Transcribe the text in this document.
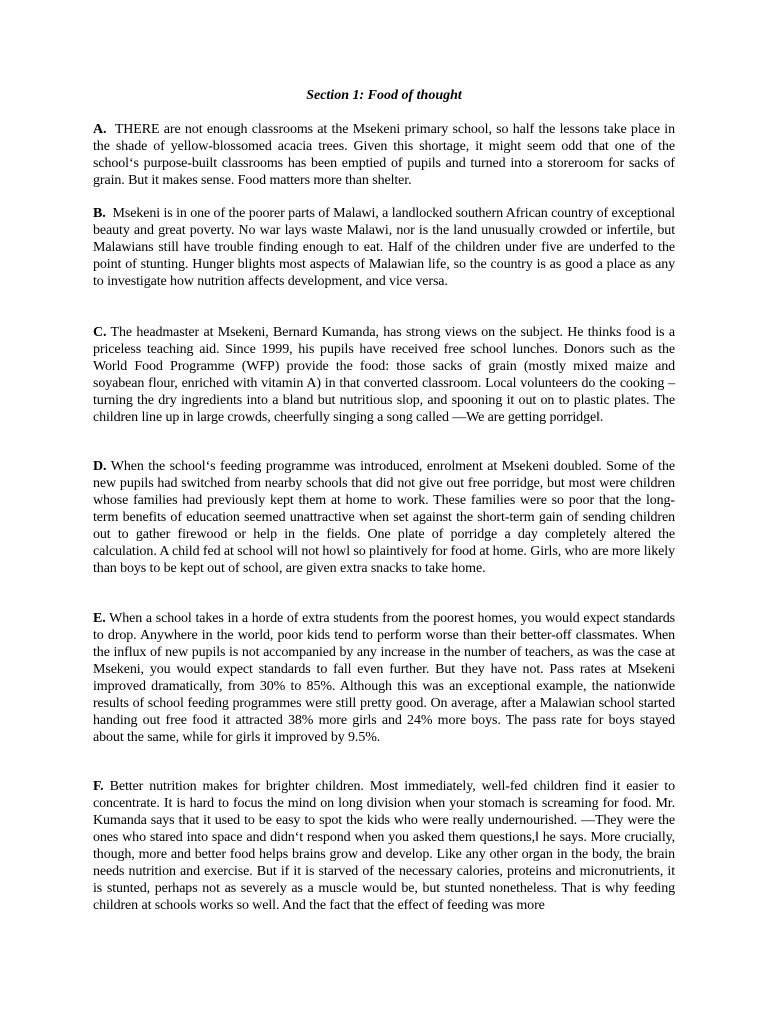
Section 1: Food of thought

A. THERE are not enough classrooms at the Msekeni primary school, so half the lessons take place in the shade of yellow-blossomed acacia trees. Given this shortage, it might seem odd that one of the school‘s purpose-built classrooms has been emptied of pupils and turned into a storeroom for sacks of grain. But it makes sense. Food matters more than shelter.

B. Msekeni is in one of the poorer parts of Malawi, a landlocked southern African country of exceptional beauty and great poverty. No war lays waste Malawi, nor is the land unusually crowded or infertile, but Malawians still have trouble finding enough to eat. Half of the children under five are underfed to the point of stunting. Hunger blights most aspects of Malawian life, so the country is as good a place as any to investigate how nutrition affects development, and vice versa.

C. The headmaster at Msekeni, Bernard Kumanda, has strong views on the subject. He thinks food is a priceless teaching aid. Since 1999, his pupils have received free school lunches. Donors such as the World Food Programme (WFP) provide the food: those sacks of grain (mostly mixed maize and soyabean flour, enriched with vitamin A) in that converted classroom. Local volunteers do the cooking – turning the dry ingredients into a bland but nutritious slop, and spooning it out on to plastic plates. The children line up in large crowds, cheerfully singing a song called ―We are getting porridge‖.

D. When the school‘s feeding programme was introduced, enrolment at Msekeni doubled. Some of the new pupils had switched from nearby schools that did not give out free porridge, but most were children whose families had previously kept them at home to work. These families were so poor that the long-term benefits of education seemed unattractive when set against the short-term gain of sending children out to gather firewood or help in the fields. One plate of porridge a day completely altered the calculation. A child fed at school will not howl so plaintively for food at home. Girls, who are more likely than boys to be kept out of school, are given extra snacks to take home.

E. When a school takes in a horde of extra students from the poorest homes, you would expect standards to drop. Anywhere in the world, poor kids tend to perform worse than their better-off classmates. When the influx of new pupils is not accompanied by any increase in the number of teachers, as was the case at Msekeni, you would expect standards to fall even further. But they have not. Pass rates at Msekeni improved dramatically, from 30% to 85%. Although this was an exceptional example, the nationwide results of school feeding programmes were still pretty good. On average, after a Malawian school started handing out free food it attracted 38% more girls and 24% more boys. The pass rate for boys stayed about the same, while for girls it improved by 9.5%.

F. Better nutrition makes for brighter children. Most immediately, well-fed children find it easier to concentrate. It is hard to focus the mind on long division when your stomach is screaming for food. Mr. Kumanda says that it used to be easy to spot the kids who were really undernourished. ―They were the ones who stared into space and didn‘t respond when you asked them questions,‖ he says. More crucially, though, more and better food helps brains grow and develop. Like any other organ in the body, the brain needs nutrition and exercise. But if it is starved of the necessary calories, proteins and micronutrients, it is stunted, perhaps not as severely as a muscle would be, but stunted nonetheless. That is why feeding children at schools works so well. And the fact that the effect of feeding was more
